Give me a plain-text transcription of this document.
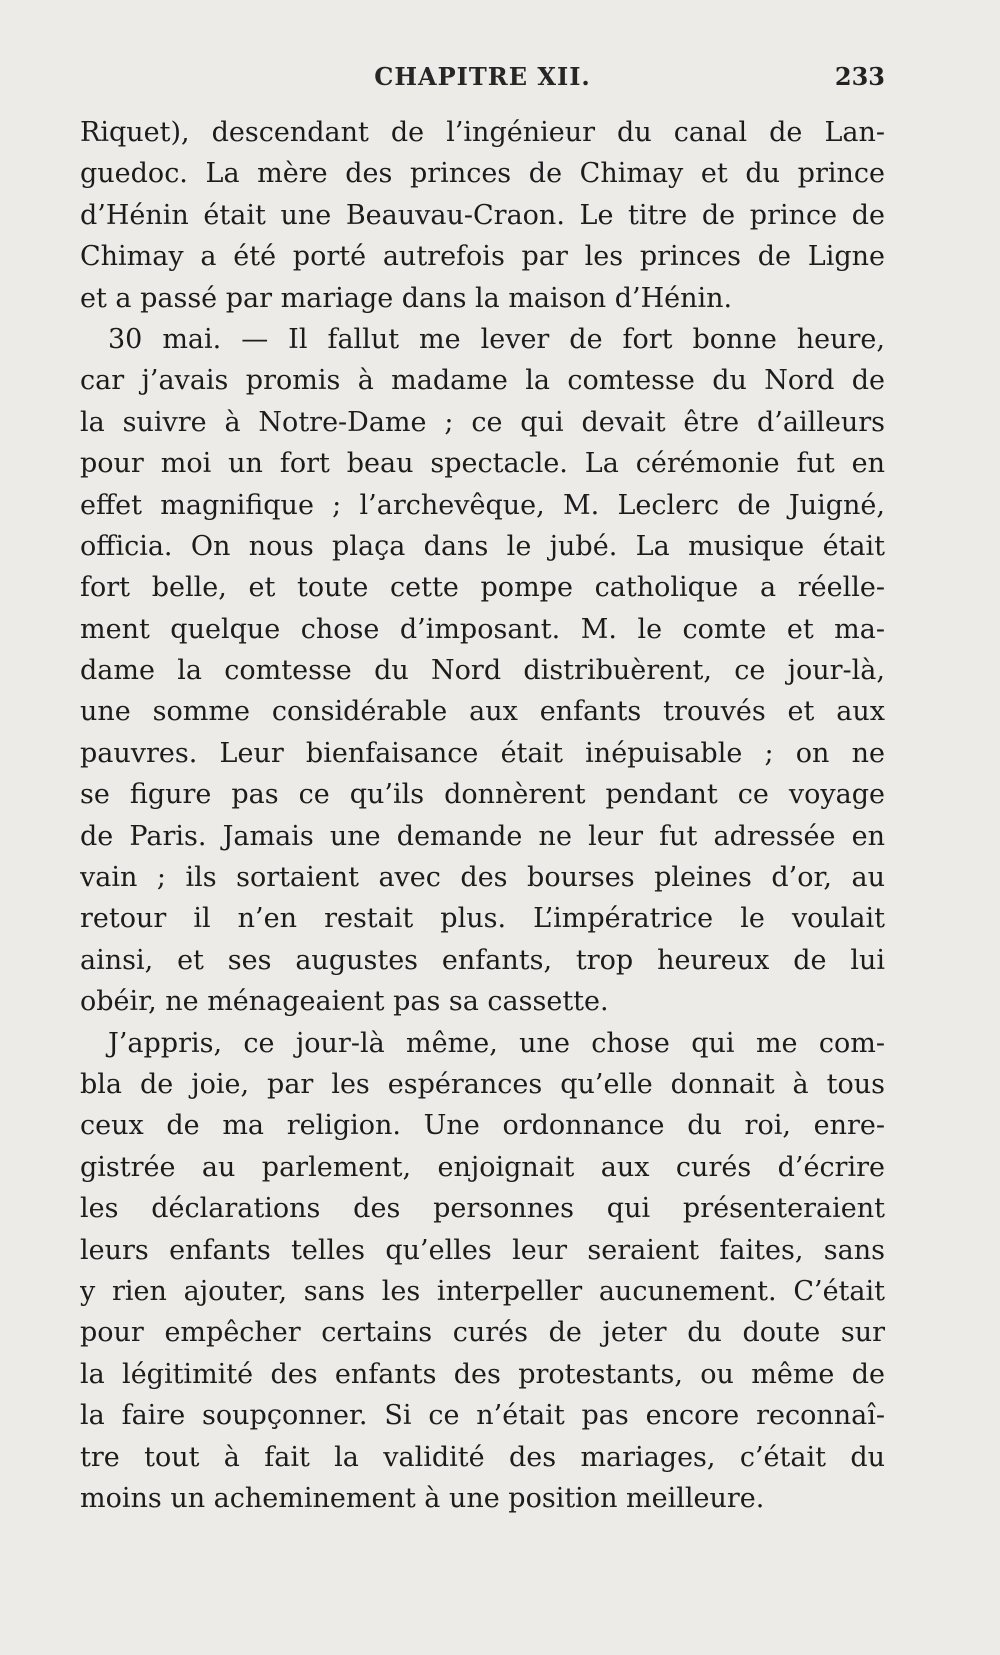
CHAPITRE XII.	233
Riquet), descendant de l’ingénieur du canal de Lan-
guedoc. La mère des princes de Chimay et du prince
d’Hénin était une Beauvau-Craon. Le titre de prince de
Chimay a été porté autrefois par les princes de Ligne
et a passé par mariage dans la maison d’Hénin.
30 mai. — Il fallut me lever de fort bonne heure,
car j’avais promis à madame la comtesse du Nord de
la suivre à Notre-Dame ; ce qui devait être d’ailleurs
pour moi un fort beau spectacle. La cérémonie fut en
effet magnifique ; l’archevêque, M. Leclerc de Juigné,
officia. On nous plaça dans le jubé. La musique était
fort belle, et toute cette pompe catholique a réelle-
ment quelque chose d’imposant. M. le comte et ma-
dame la comtesse du Nord distribuèrent, ce jour-là,
une somme considérable aux enfants trouvés et aux
pauvres. Leur bienfaisance était inépuisable ; on ne
se figure pas ce qu’ils donnèrent pendant ce voyage
de Paris. Jamais une demande ne leur fut adressée en
vain ; ils sortaient avec des bourses pleines d’or, au
retour il n’en restait plus. L’impératrice le voulait
ainsi, et ses augustes enfants, trop heureux de lui
obéir, ne ménageaient pas sa cassette.
J’appris, ce jour-là même, une chose qui me com-
bla de joie, par les espérances qu’elle donnait à tous
ceux de ma religion. Une ordonnance du roi, enre-
gistrée au parlement, enjoignait aux curés d’écrire
les déclarations des personnes qui présenteraient
leurs enfants telles qu’elles leur seraient faites, sans
y rien ajouter, sans les interpeller aucunement. C’était
pour empêcher certains curés de jeter du doute sur
la légitimité des enfants des protestants, ou même de
la faire soupçonner. Si ce n’était pas encore reconnaî-
tre tout à fait la validité des mariages, c’était du
moins un acheminement à une position meilleure.
